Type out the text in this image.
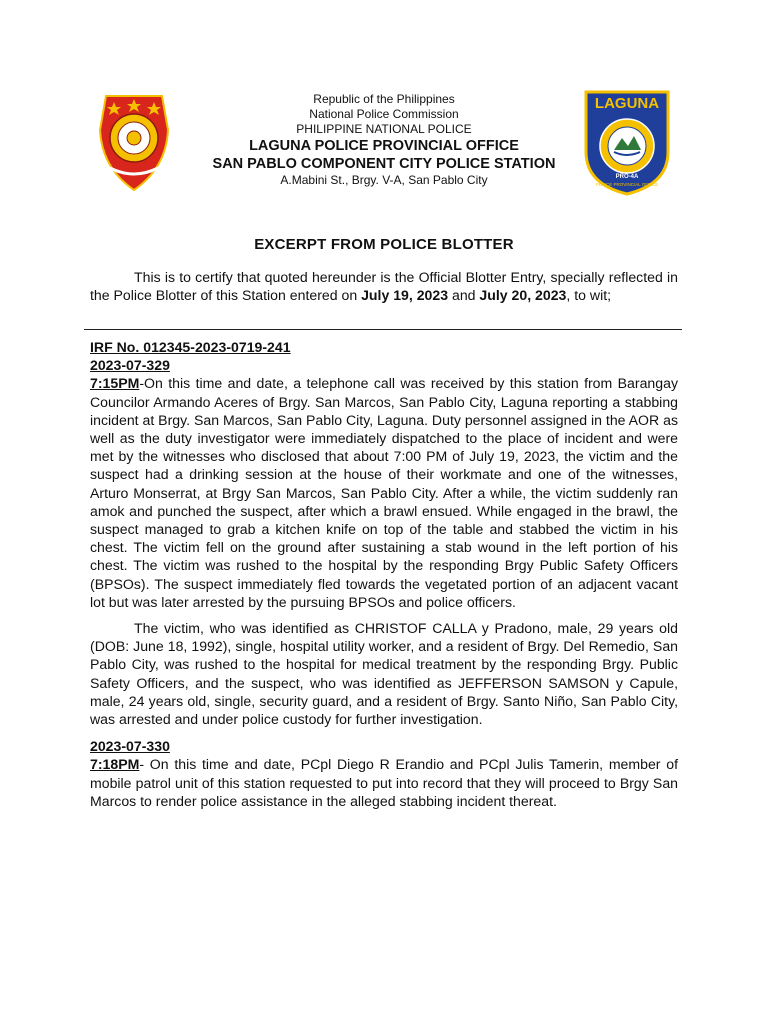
Republic of the Philippines
National Police Commission
PHILIPPINE NATIONAL POLICE
LAGUNA POLICE PROVINCIAL OFFICE
SAN PABLO COMPONENT CITY POLICE STATION
A.Mabini St., Brgy. V-A, San Pablo City
LAGUNA
PRO-4A
POLICE PROVINCIAL OFFICE
EXCERPT FROM POLICE BLOTTER
This is to certify that quoted hereunder is the Official Blotter Entry, specially reflected in the Police Blotter of this Station entered on July 19, 2023 and July 20, 2023, to wit;

IRF No. 012345-2023-0719-241

2023-07-329

7:15PM-On this time and date, a telephone call was received by this station from Barangay Councilor Armando Aceres of Brgy. San Marcos, San Pablo City, Laguna reporting a stabbing incident at Brgy. San Marcos, San Pablo City, Laguna. Duty personnel assigned in the AOR as well as the duty investigator were immediately dispatched to the place of incident and were met by the witnesses who disclosed that about 7:00 PM of July 19, 2023, the victim and the suspect had a drinking session at the house of their workmate and one of the witnesses, Arturo Monserrat, at Brgy San Marcos, San Pablo City. After a while, the victim suddenly ran amok and punched the suspect, after which a brawl ensued. While engaged in the brawl, the suspect managed to grab a kitchen knife on top of the table and stabbed the victim in his chest. The victim fell on the ground after sustaining a stab wound in the left portion of his chest. The victim was rushed to the hospital by the responding Brgy Public Safety Officers (BPSOs). The suspect immediately fled towards the vegetated portion of an adjacent vacant lot but was later arrested by the pursuing BPSOs and police officers.

The victim, who was identified as CHRISTOF CALLA y Pradono, male, 29 years old (DOB: June 18, 1992), single, hospital utility worker, and a resident of Brgy. Del Remedio, San Pablo City, was rushed to the hospital for medical treatment by the responding Brgy. Public Safety Officers, and the suspect, who was identified as JEFFERSON SAMSON y Capule, male, 24 years old, single, security guard, and a resident of Brgy. Santo Niño, San Pablo City, was arrested and under police custody for further investigation.

2023-07-330

7:18PM- On this time and date, PCpl Diego R Erandio and PCpl Julis Tamerin, member of mobile patrol unit of this station requested to put into record that they will proceed to Brgy San Marcos to render police assistance in the alleged stabbing incident thereat.
